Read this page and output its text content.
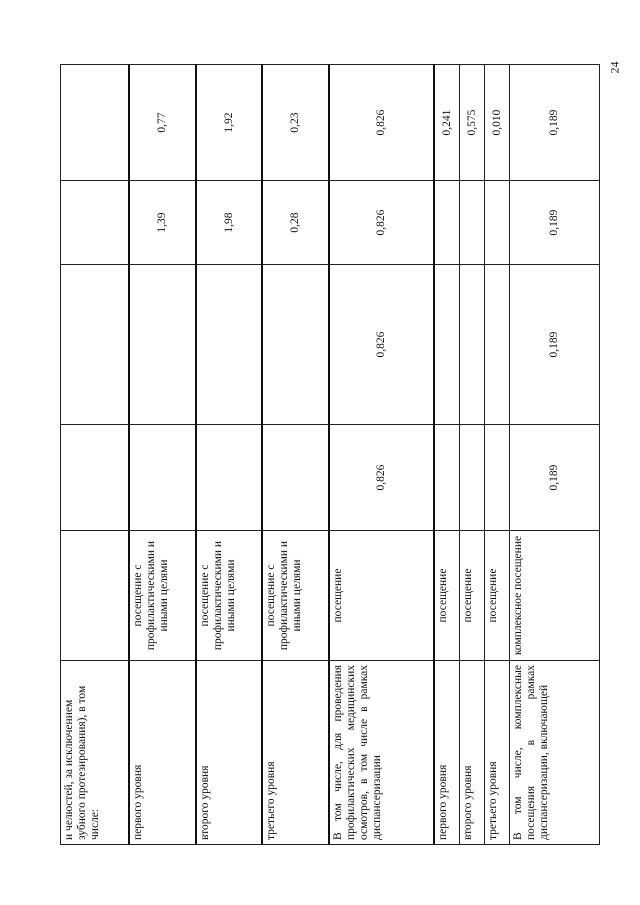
24
и челюстей, за исключением зубного протезирования), в том числе:					
первого уровня	посещение с профилактическими и иными целями			1,39	0,77
второго уровня	посещение с профилактическими и иными целями			1,98	1,92
третьего уровня	посещение с профилактическими и иными целями			0,28	0,23
В том числе, для проведения профилактических медицинских осмотров, в том числе в рамках диспансеризации	посещение	0,826	0,826	0,826	0,826
первого уровня	посещение				0,241
второго уровня	посещение				0,575
третьего уровня	посещение				0,010
В том числе, комплексные посещения в рамках диспансеризации, включающей	комплексное посещение	0,189	0,189	0,189	0,189
